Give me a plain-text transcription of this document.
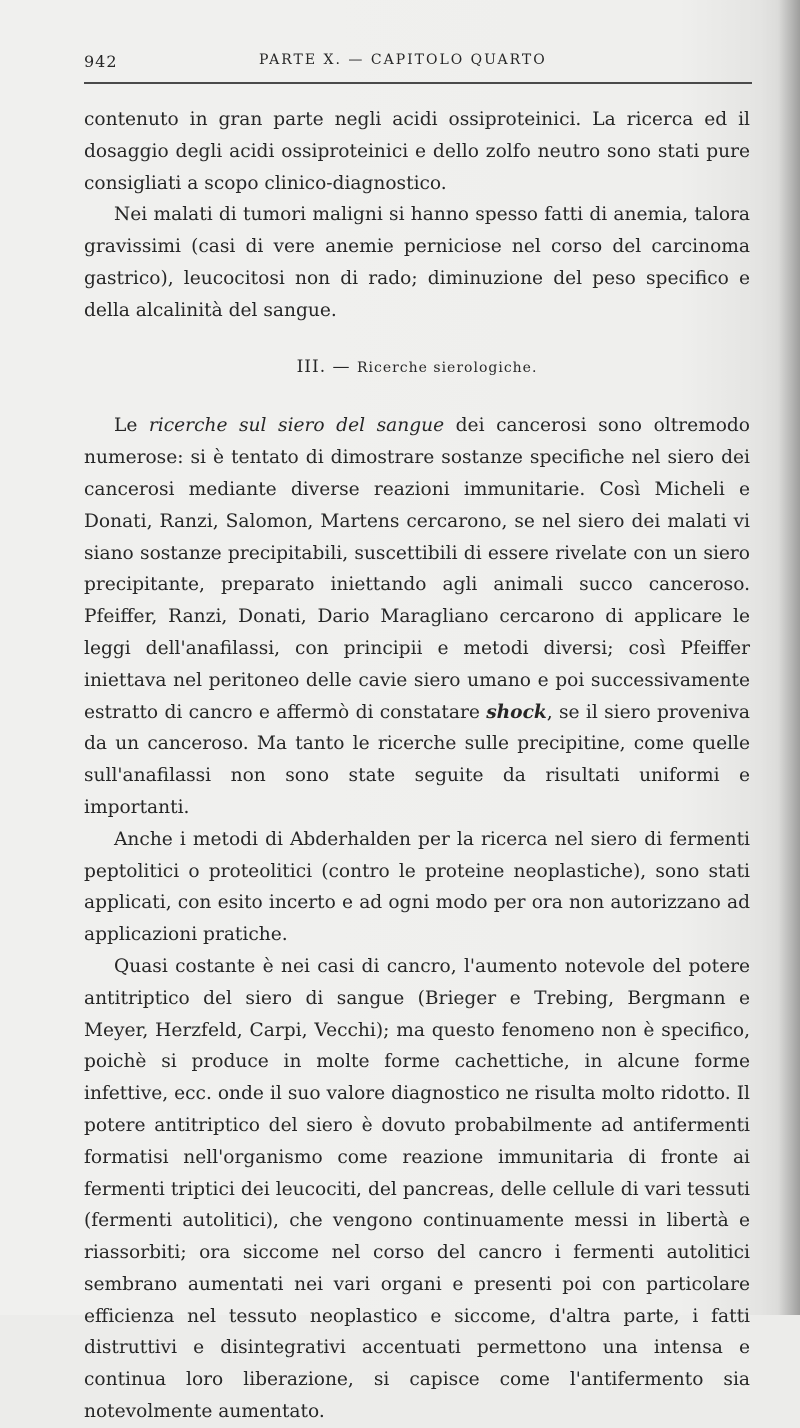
942	PARTE X. — CAPITOLO QUARTO

contenuto in gran parte negli acidi ossiproteinici. La ricerca ed il dosaggio degli acidi ossiproteinici e dello zolfo neutro sono stati pure consigliati a scopo clinico-diagnostico.

Nei malati di tumori maligni si hanno spesso fatti di anemia, talora gravissimi (casi di vere anemie perniciose nel corso del carcinoma gastrico), leucocitosi non di rado; diminuzione del peso specifico e della alcalinità del sangue.

III. — Ricerche sierologiche.

Le ricerche sul siero del sangue dei cancerosi sono oltremodo numerose: si è tentato di dimostrare sostanze specifiche nel siero dei cancerosi mediante diverse reazioni immunitarie. Così Micheli e Donati, Ranzi, Salomon, Martens cercarono, se nel siero dei malati vi siano sostanze precipitabili, suscettibili di essere rivelate con un siero precipitante, preparato iniettando agli animali succo canceroso. Pfeiffer, Ranzi, Donati, Dario Maragliano cercarono di applicare le leggi dell'anafilassi, con principii e metodi diversi; così Pfeiffer iniettava nel peritoneo delle cavie siero umano e poi successivamente estratto di cancro e affermò di constatare shock, se il siero proveniva da un canceroso. Ma tanto le ricerche sulle precipitine, come quelle sull'anafilassi non sono state seguite da risultati uniformi e importanti.

Anche i metodi di Abderhalden per la ricerca nel siero di fermenti peptolitici o proteolitici (contro le proteine neoplastiche), sono stati applicati, con esito incerto e ad ogni modo per ora non autorizzano ad applicazioni pratiche.

Quasi costante è nei casi di cancro, l'aumento notevole del potere antitriptico del siero di sangue (Brieger e Trebing, Bergmann e Meyer, Herzfeld, Carpi, Vecchi); ma questo fenomeno non è specifico, poichè si produce in molte forme cachettiche, in alcune forme infettive, ecc. onde il suo valore diagnostico ne risulta molto ridotto. Il potere antitriptico del siero è dovuto probabilmente ad antifermenti formatisi nell'organismo come reazione immunitaria di fronte ai fermenti triptici dei leucociti, del pancreas, delle cellule di vari tessuti (fermenti autolitici), che vengono continuamente messi in libertà e riassorbiti; ora siccome nel corso del cancro i fermenti autolitici sembrano aumentati nei vari organi e presenti poi con particolare efficienza nel tessuto neoplastico e siccome, d'altra parte, i fatti distruttivi e disintegrativi accentuati permettono una intensa e continua loro liberazione, si capisce come l'antifermento sia notevolmente aumentato.
